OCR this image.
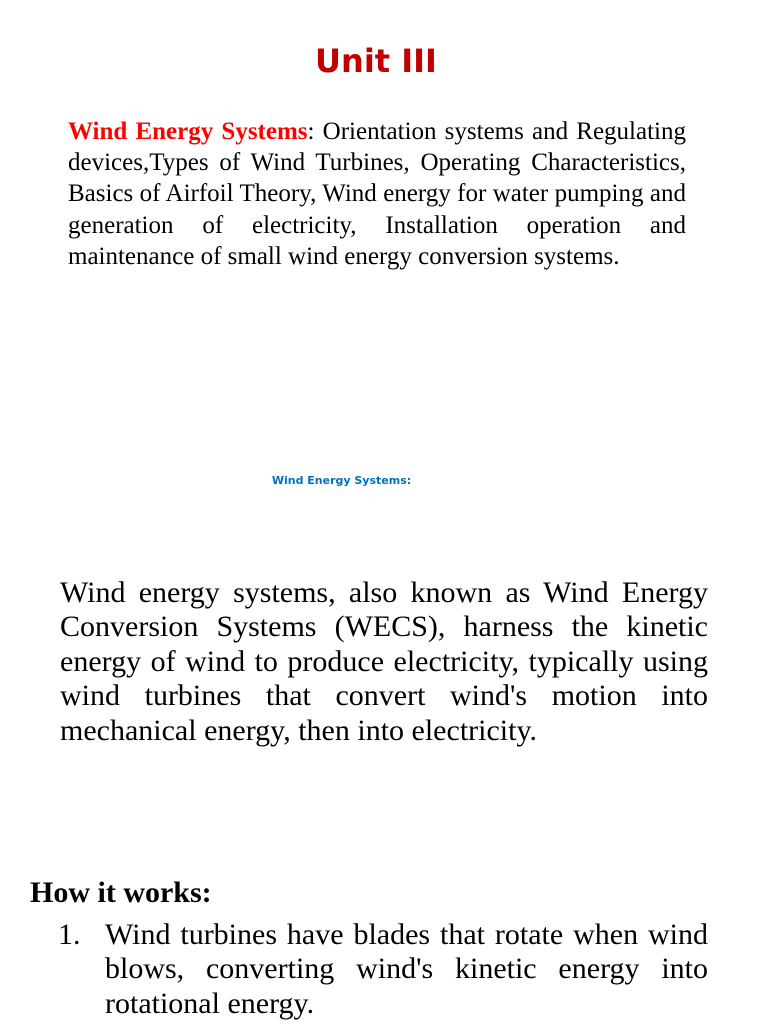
Unit III

Wind Energy Systems: Orientation systems and Regulating devices,Types of Wind Turbines, Operating Characteristics, Basics of Airfoil Theory, Wind energy for water pumping and generation of electricity, Installation operation and maintenance of small wind energy conversion systems.

Wind Energy Systems:

Wind energy systems, also known as Wind Energy Conversion Systems (WECS), harness the kinetic energy of wind to produce electricity, typically using wind turbines that convert wind's motion into mechanical energy, then into electricity.

How it works:
1. Wind turbines have blades that rotate when wind blows, converting wind's kinetic energy into rotational energy.
